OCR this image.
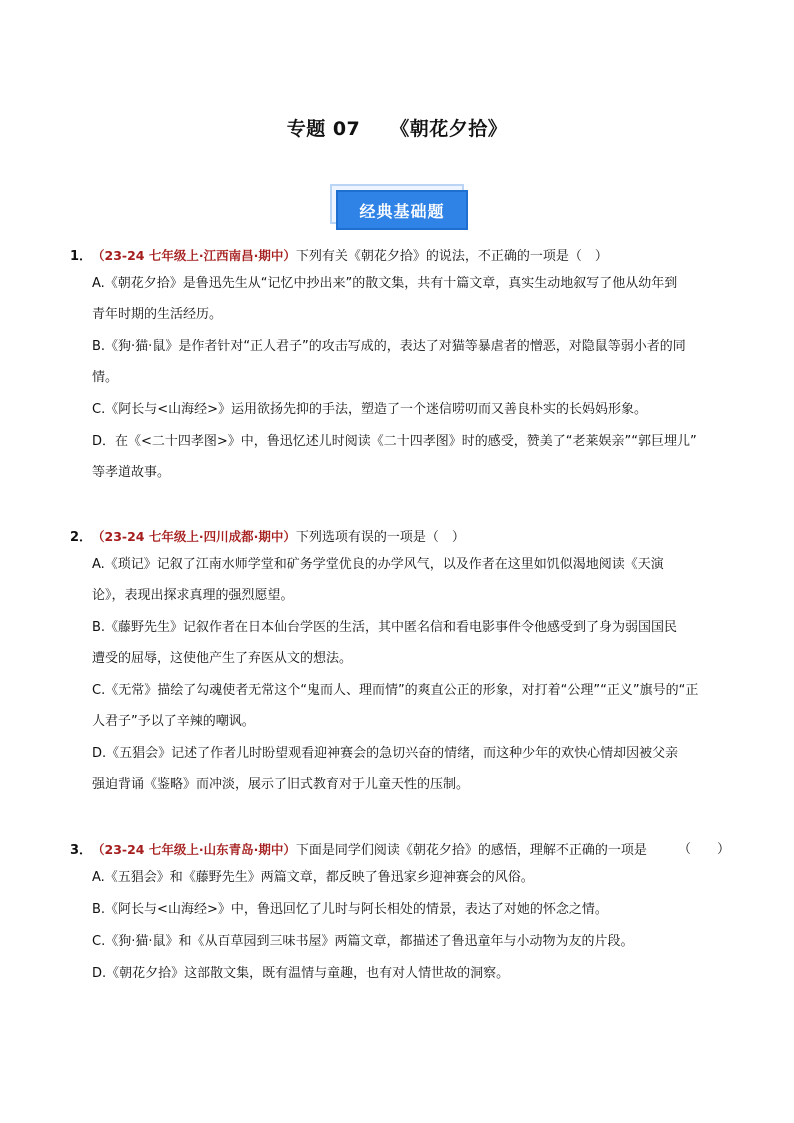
专题 07 《朝花夕拾》
经典基础题
1．（23-24 七年级上·江西南昌·期中）下列有关《朝花夕拾》的说法，不正确的一项是（　）
A.《朝花夕拾》是鲁迅先生从“记忆中抄出来”的散文集，共有十篇文章，真实生动地叙写了他从幼年到
青年时期的生活经历。
B.《狗·猫·鼠》是作者针对“正人君子”的攻击写成的，表达了对猫等暴虐者的憎恶，对隐鼠等弱小者的同
情。
C.《阿长与<山海经>》运用欲扬先抑的手法，塑造了一个迷信唠叨而又善良朴实的长妈妈形象。
D．在《<二十四孝图>》中，鲁迅忆述儿时阅读《二十四孝图》时的感受，赞美了“老莱娱亲”“郭巨埋儿”
等孝道故事。
2．（23-24 七年级上·四川成都·期中）下列选项有误的一项是（　）
A.《琐记》记叙了江南水师学堂和矿务学堂优良的办学风气，以及作者在这里如饥似渴地阅读《天演
论》，表现出探求真理的强烈愿望。
B.《藤野先生》记叙作者在日本仙台学医的生活，其中匿名信和看电影事件令他感受到了身为弱国国民
遭受的屈辱，这使他产生了弃医从文的想法。
C.《无常》描绘了勾魂使者无常这个“鬼而人、理而情”的爽直公正的形象，对打着“公理”“正义”旗号的“正
人君子”予以了辛辣的嘲讽。
D.《五猖会》记述了作者儿时盼望观看迎神赛会的急切兴奋的情绪，而这种少年的欢快心情却因被父亲
强迫背诵《鉴略》而冲淡，展示了旧式教育对于儿童天性的压制。
3．（23-24 七年级上·山东青岛·期中）下面是同学们阅读《朝花夕拾》的感悟，理解不正确的一项是 （　　）
A.《五猖会》和《藤野先生》两篇文章，都反映了鲁迅家乡迎神赛会的风俗。
B.《阿长与<山海经>》中，鲁迅回忆了儿时与阿长相处的情景，表达了对她的怀念之情。
C.《狗·猫·鼠》和《从百草园到三味书屋》两篇文章，都描述了鲁迅童年与小动物为友的片段。
D.《朝花夕拾》这部散文集，既有温情与童趣，也有对人情世故的洞察。
